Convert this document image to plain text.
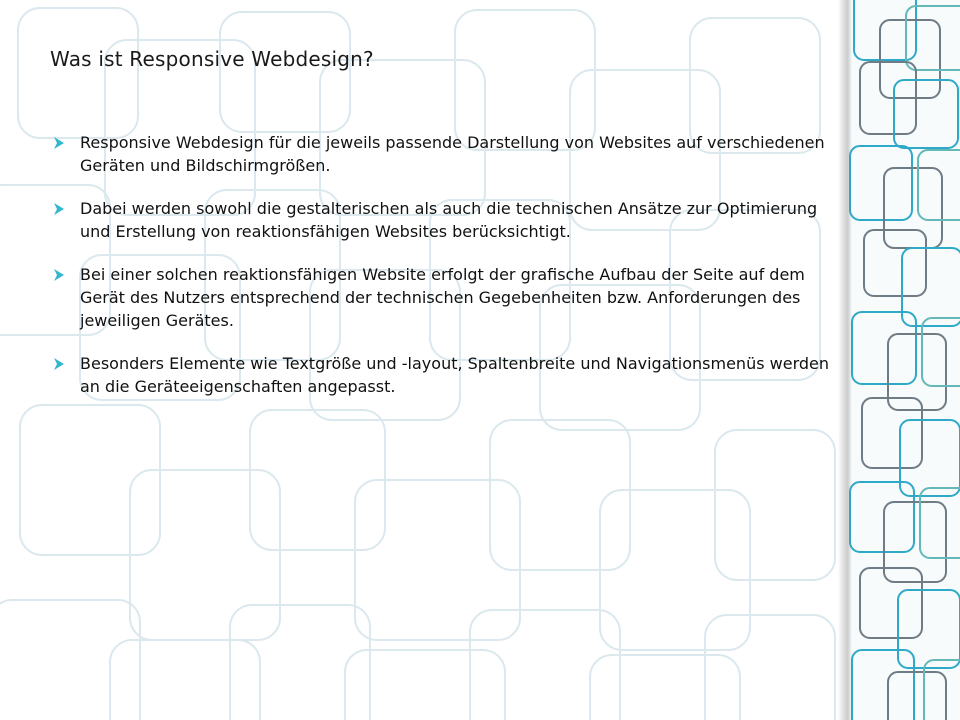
Was ist Responsive Webdesign?
Responsive Webdesign für die jeweils passende Darstellung von Websites auf verschiedenen Geräten und Bildschirmgrößen.
Dabei werden sowohl die gestalterischen als auch die technischen Ansätze zur Optimierung und Erstellung von reaktionsfähigen Websites berücksichtigt.
Bei einer solchen reaktionsfähigen Website erfolgt der grafische Aufbau der Seite auf dem Gerät des Nutzers entsprechend der technischen Gegebenheiten bzw. Anforderungen des jeweiligen Gerätes.
Besonders Elemente wie Textgröße und -layout, Spaltenbreite und Navigationsmenüs werden an die Geräteeigenschaften angepasst.
